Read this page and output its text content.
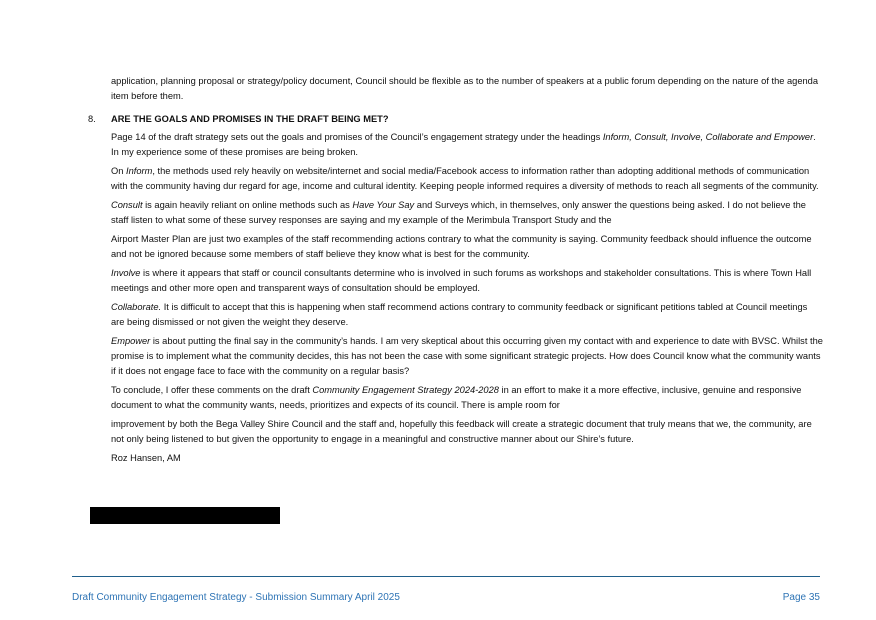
application, planning proposal or strategy/policy document, Council should be flexible as to the number of speakers at a public forum depending on the nature of the agenda item before them.

8.	ARE THE GOALS AND PROMISES IN THE DRAFT BEING MET?

Page 14 of the draft strategy sets out the goals and promises of the Council’s engagement strategy under the headings Inform, Consult, Involve, Collaborate and Empower. In my experience some of these promises are being broken.

On Inform, the methods used rely heavily on website/internet and social media/Facebook access to information rather than adopting additional methods of communication with the community having dur regard for age, income and cultural identity. Keeping people informed requires a diversity of methods to reach all segments of the community.

Consult is again heavily reliant on online methods such as Have Your Say and Surveys which, in themselves, only answer the questions being asked. I do not believe the staff listen to what some of these survey responses are saying and my example of the Merimbula Transport Study and the

Airport Master Plan are just two examples of the staff recommending actions contrary to what the community is saying. Community feedback should influence the outcome and not be ignored because some members of staff believe they know what is best for the community.

Involve is where it appears that staff or council consultants determine who is involved in such forums as workshops and stakeholder consultations. This is where Town Hall meetings and other more open and transparent ways of consultation should be employed.

Collaborate. It is difficult to accept that this is happening when staff recommend actions contrary to community feedback or significant petitions tabled at Council meetings are being dismissed or not given the weight they deserve.

Empower is about putting the final say in the community’s hands. I am very skeptical about this occurring given my contact with and experience to date with BVSC. Whilst the promise is to implement what the community decides, this has not been the case with some significant strategic projects. How does Council know what the community wants if it does not engage face to face with the community on a regular basis?

To conclude, I offer these comments on the draft Community Engagement Strategy 2024-2028 in an effort to make it a more effective, inclusive, genuine and responsive document to what the community wants, needs, prioritizes and expects of its council. There is ample room for

improvement by both the Bega Valley Shire Council and the staff and, hopefully this feedback will create a strategic document that truly means that we, the community, are not only being listened to but given the opportunity to engage in a meaningful and constructive manner about our Shire’s future.

Roz Hansen, AM

Draft Community Engagement Strategy - Submission Summary April 2025	Page 35
